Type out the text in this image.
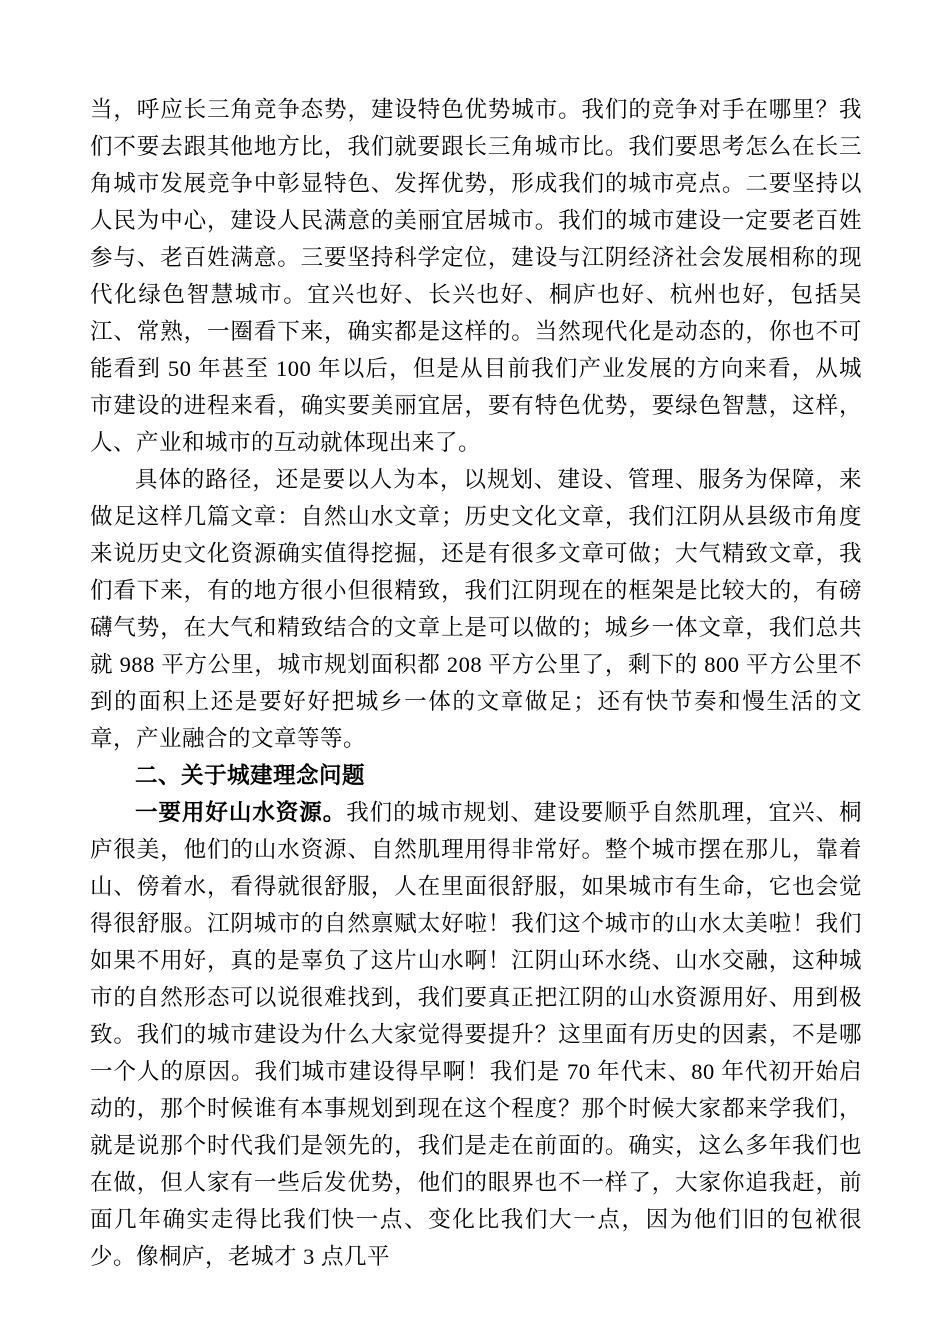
当，呼应长三角竞争态势，建设特色优势城市。我们的竞争对手在哪里？我们不要去跟其他地方比，我们就要跟长三角城市比。我们要思考怎么在长三角城市发展竞争中彰显特色、发挥优势，形成我们的城市亮点。二要坚持以人民为中心，建设人民满意的美丽宜居城市。我们的城市建设一定要老百姓参与、老百姓满意。三要坚持科学定位，建设与江阴经济社会发展相称的现代化绿色智慧城市。宜兴也好、长兴也好、桐庐也好、杭州也好，包括吴江、常熟，一圈看下来，确实都是这样的。当然现代化是动态的，你也不可能看到 50 年甚至 100 年以后，但是从目前我们产业发展的方向来看，从城市建设的进程来看，确实要美丽宜居，要有特色优势，要绿色智慧，这样，人、产业和城市的互动就体现出来了。

具体的路径，还是要以人为本，以规划、建设、管理、服务为保障，来做足这样几篇文章：自然山水文章；历史文化文章，我们江阴从县级市角度来说历史文化资源确实值得挖掘，还是有很多文章可做；大气精致文章，我们看下来，有的地方很小但很精致，我们江阴现在的框架是比较大的，有磅礴气势，在大气和精致结合的文章上是可以做的；城乡一体文章，我们总共就 988 平方公里，城市规划面积都 208 平方公里了，剩下的 800 平方公里不到的面积上还是要好好把城乡一体的文章做足；还有快节奏和慢生活的文章，产业融合的文章等等。

二、关于城建理念问题

一要用好山水资源。我们的城市规划、建设要顺乎自然肌理，宜兴、桐庐很美，他们的山水资源、自然肌理用得非常好。整个城市摆在那儿，靠着山、傍着水，看得就很舒服，人在里面很舒服，如果城市有生命，它也会觉得很舒服。江阴城市的自然禀赋太好啦！我们这个城市的山水太美啦！我们如果不用好，真的是辜负了这片山水啊！江阴山环水绕、山水交融，这种城市的自然形态可以说很难找到，我们要真正把江阴的山水资源用好、用到极致。我们的城市建设为什么大家觉得要提升？这里面有历史的因素，不是哪一个人的原因。我们城市建设得早啊！我们是 70 年代末、80 年代初开始启动的，那个时候谁有本事规划到现在这个程度？那个时候大家都来学我们，就是说那个时代我们是领先的，我们是走在前面的。确实，这么多年我们也在做，但人家有一些后发优势，他们的眼界也不一样了，大家你追我赶，前面几年确实走得比我们快一点、变化比我们大一点，因为他们旧的包袱很少。像桐庐，老城才 3 点几平
